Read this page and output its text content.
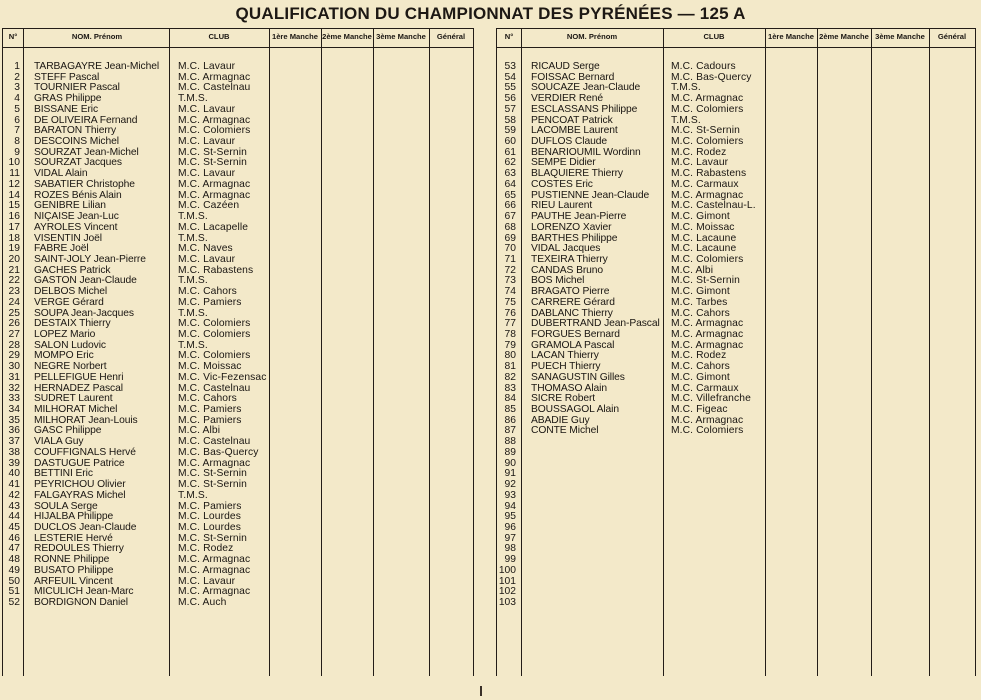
QUALIFICATION DU CHAMPIONNAT DES PYRÉNÉES — 125 A
N°	NOM. Prénom	CLUB	1ère Manche 2ème Manche 3ème Manche	Général
1 TARBAGAYRE Jean-Michel M.C. Lavaur
2 STEFF Pascal	M.C. Armagnac
3 TOURNIER Pascal	M.C. Castelnau
4 GRAS Philippe	T.M.S.
5 BISSANE Eric	M.C. Lavaur
6 DE OLIVEIRA Fernand	M.C. Armagnac
7 BARATON Thierry	M.C. Colomiers
8 DESCOINS Michel	M.C. Lavaur
9 SOURZAT Jean-Michel	M.C. St-Sernin
10 SOURZAT Jacques	M.C. St-Sernin
11 VIDAL Alain	M.C. Lavaur
12 SABATIER Christophe	M.C. Armagnac
14 ROZES Bénis Alain	M.C. Armagnac
15 GENIBRE Lilian	M.C. Cazéen
16 NIÇAISE Jean-Luc	T.M.S.
17 AYROLES Vincent	M.C. Lacapelle
18 VISENTIN Joël	T.M.S.
19 FABRE Joël	M.C. Naves
20 SAINT-JOLY Jean-Pierre	M.C. Lavaur
21 GACHES Patrick	M.C. Rabastens
22 GASTON Jean-Claude	T.M.S.
23 DELBOS Michel	M.C. Cahors
24 VERGE Gérard	M.C. Pamiers
25 SOUPA Jean-Jacques	T.M.S.
26 DESTAIX Thierry	M.C. Colomiers
27 LOPEZ Mario	M.C. Colomiers
28 SALON Ludovic	T.M.S.
29 MOMPO Eric	M.C. Colomiers
30 NEGRE Norbert	M.C. Moissac
31 PELLEFIGUE Henri	M.C. Vic-Fezensac
32 HERNADEZ Pascal	M.C. Castelnau
33 SUDRET Laurent	M.C. Cahors
34 MILHORAT Michel	M.C. Pamiers
35 MILHORAT Jean-Louis	M.C. Pamiers
36 GASC Philippe	M.C. Albi
37 VIALA Guy	M.C. Castelnau
38 COUFFIGNALS Hervé	M.C. Bas-Quercy
39 DASTUGUE Patrice	M.C. Armagnac
40 BETTINI Eric	M.C. St-Sernin
41 PEYRICHOU Olivier	M.C. St-Sernin
42 FALGAYRAS Michel	T.M.S.
43 SOULA Serge	M.C. Pamiers
44 HIJALBA Philippe	M.C. Lourdes
45 DUCLOS Jean-Claude	M.C. Lourdes
46 LESTERIE Hervé	M.C. St-Sernin
47 REDOULES Thierry	M.C. Rodez
48 RONNE Philippe	M.C. Armagnac
49 BUSATO Philippe	M.C. Armagnac
50 ARFEUIL Vincent	M.C. Lavaur
51 MICULICH Jean-Marc	M.C. Armagnac
52 BORDIGNON Daniel	M.C. Auch
N°	NOM. Prénom	CLUB	1ère Manche 2ème Manche 3ème Manche	Général
53 RICAUD Serge	M.C. Cadours
54 FOISSAC Bernard	M.C. Bas-Quercy
55 SOUCAZE Jean-Claude	T.M.S.
56 VERDIER René	M.C. Armagnac
57 ESCLASSANS Philippe	M.C. Colomiers
58 PENCOAT Patrick	T.M.S.
59 LACOMBE Laurent	M.C. St-Sernin
60 DUFLOS Claude	M.C. Colomiers
61 BENARIOUMIL Wordinn	M.C. Rodez
62 SEMPE Didier	M.C. Lavaur
63 BLAQUIERE Thierry	M.C. Rabastens
64 COSTES Eric	M.C. Carmaux
65 PUSTIENNE Jean-Claude M.C. Armagnac
66 RIEU Laurent	M.C. Castelnau-L.
67 PAUTHE Jean-Pierre	M.C. Gimont
68 LORENZO Xavier	M.C. Moissac
69 BARTHES Philippe	M.C. Lacaune
70 VIDAL Jacques	M.C. Lacaune
71 TEXEIRA Thierry	M.C. Colomiers
72 CANDAS Bruno	M.C. Albi
73 BOS Michel	M.C. St-Sernin
74 BRAGATO Pierre	M.C. Gimont
75 CARRERE Gérard	M.C. Tarbes
76 DABLANC Thierry	M.C. Cahors
77 DUBERTRAND Jean-Pascal M.C. Armagnac
78 FORGUES Bernard	M.C. Armagnac
79 GRAMOLA Pascal	M.C. Armagnac
80 LACAN Thierry	M.C. Rodez
81 PUECH Thierry	M.C. Cahors
82 SANAGUSTIN Gilles	M.C. Gimont
83 THOMASO Alain	M.C. Carmaux
84 SICRE Robert	M.C. Villefranche
85 BOUSSAGOL Alain	M.C. Figeac
86 ABADIE Guy	M.C. Armagnac
87 CONTE Michel	M.C. Colomiers
88
89
90
91
92
93
94
95
96
97
98
99
100
101
102
103
